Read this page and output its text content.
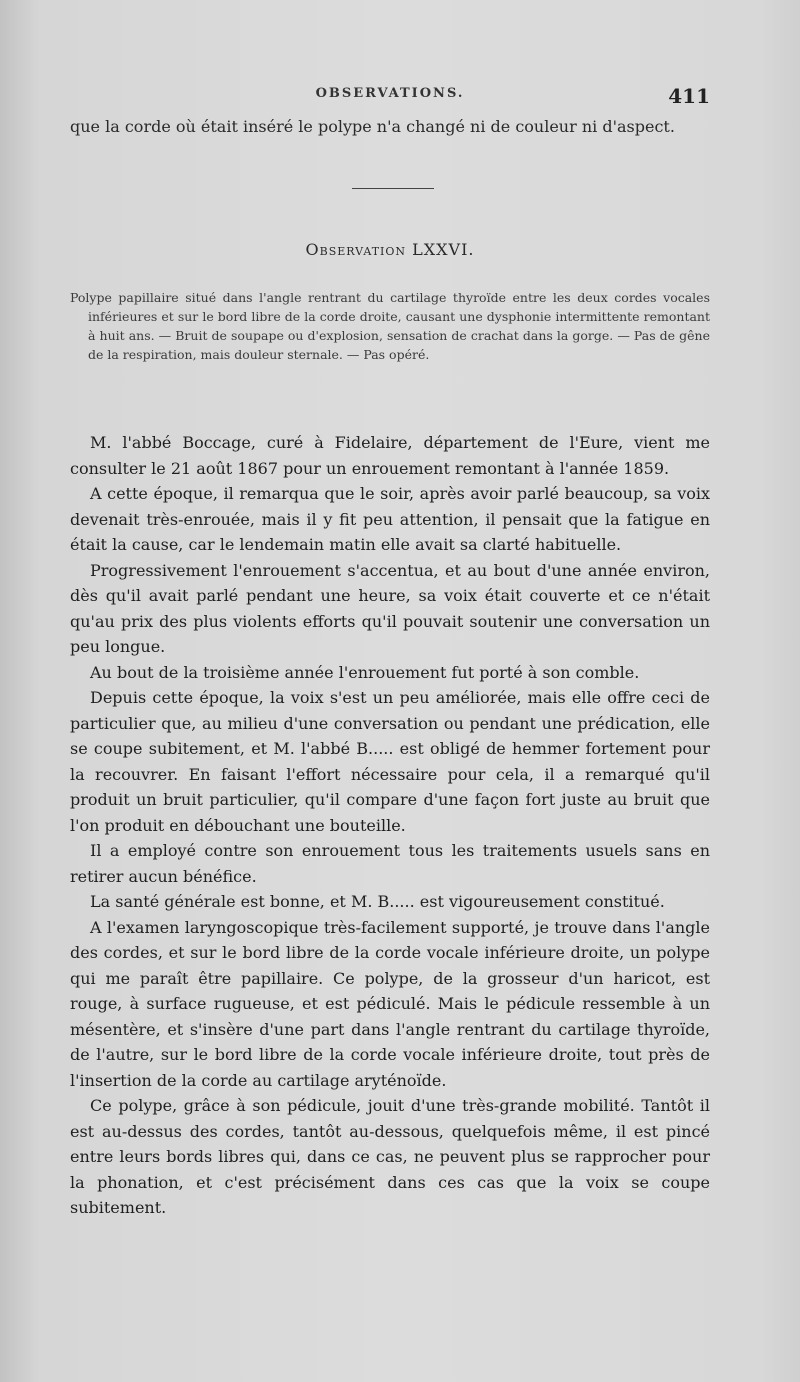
OBSERVATIONS.	411
que la corde où était inséré le polype n'a changé ni de couleur ni d'aspect.
Observation LXXVI.

Polype papillaire situé dans l'angle rentrant du cartilage thyroïde entre les deux cordes vocales inférieures et sur le bord libre de la corde droite, causant une dysphonie intermittente remontant à huit ans. — Bruit de soupape ou d'explosion, sensation de crachat dans la gorge. — Pas de gêne de la respiration, mais douleur sternale. — Pas opéré.

M. l'abbé Boccage, curé à Fidelaire, département de l'Eure, vient me consulter le 21 août 1867 pour un enrouement remontant à l'année 1859.

A cette époque, il remarqua que le soir, après avoir parlé beaucoup, sa voix devenait très-enrouée, mais il y fit peu attention, il pensait que la fatigue en était la cause, car le lendemain matin elle avait sa clarté habituelle.

Progressivement l'enrouement s'accentua, et au bout d'une année environ, dès qu'il avait parlé pendant une heure, sa voix était couverte et ce n'était qu'au prix des plus violents efforts qu'il pouvait soutenir une conversation un peu longue.

Au bout de la troisième année l'enrouement fut porté à son comble.

Depuis cette époque, la voix s'est un peu améliorée, mais elle offre ceci de particulier que, au milieu d'une conversation ou pendant une prédication, elle se coupe subitement, et M. l'abbé B..... est obligé de hemmer fortement pour la recouvrer. En faisant l'effort nécessaire pour cela, il a remarqué qu'il produit un bruit particulier, qu'il compare d'une façon fort juste au bruit que l'on produit en débouchant une bouteille.

Il a employé contre son enrouement tous les traitements usuels sans en retirer aucun bénéfice.

La santé générale est bonne, et M. B..... est vigoureusement constitué.

A l'examen laryngoscopique très-facilement supporté, je trouve dans l'angle des cordes, et sur le bord libre de la corde vocale inférieure droite, un polype qui me paraît être papillaire. Ce polype, de la grosseur d'un haricot, est rouge, à surface rugueuse, et est pédiculé. Mais le pédicule ressemble à un mésentère, et s'insère d'une part dans l'angle rentrant du cartilage thyroïde, de l'autre, sur le bord libre de la corde vocale inférieure droite, tout près de l'insertion de la corde au cartilage aryténoïde.

Ce polype, grâce à son pédicule, jouit d'une très-grande mobilité. Tantôt il est au-dessus des cordes, tantôt au-dessous, quelquefois même, il est pincé entre leurs bords libres qui, dans ce cas, ne peuvent plus se rapprocher pour la phonation, et c'est précisément dans ces cas que la voix se coupe subitement.
